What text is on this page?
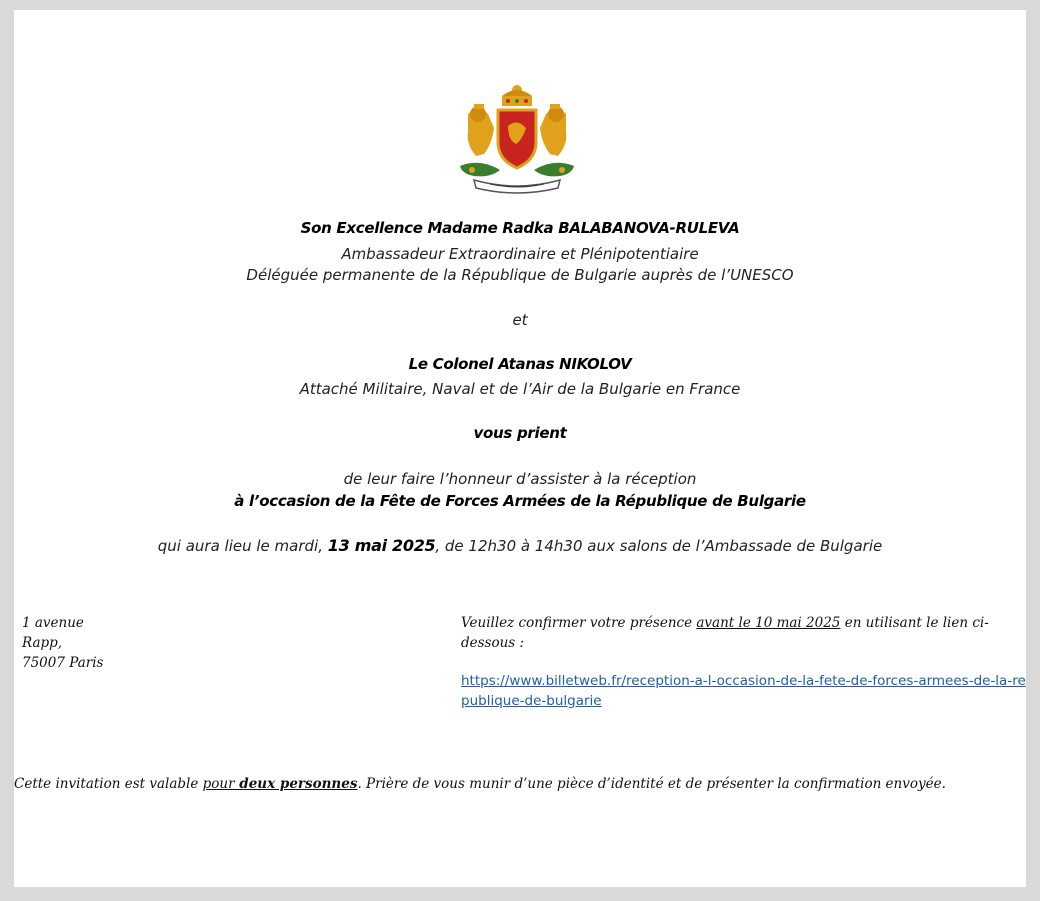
Son Excellence Madame Radka BALABANOVA-RULEVA
Ambassadeur Extraordinaire et Plénipotentiaire
Déléguée permanente de la République de Bulgarie auprès de l’UNESCO
et
Le Colonel Atanas NIKOLOV
Attaché Militaire, Naval et de l’Air de la Bulgarie en France
vous prient
de leur faire l’honneur d’assister à la réception
à l’occasion de la Fête de Forces Armées de la République de Bulgarie
qui aura lieu le mardi, 13 mai 2025, de 12h30 à 14h30 aux salons de l’Ambassade de Bulgarie
1 avenue
Rapp,
75007 Paris
Veuillez confirmer votre présence avant le 10 mai 2025 en utilisant le lien ci-dessous :
https://www.billetweb.fr/reception-a-l-occasion-de-la-fete-de-forces-armees-de-la-republique-de-bulgarie
Cette invitation est valable pour deux personnes. Prière de vous munir d’une pièce d’identité et de présenter la confirmation envoyée.
